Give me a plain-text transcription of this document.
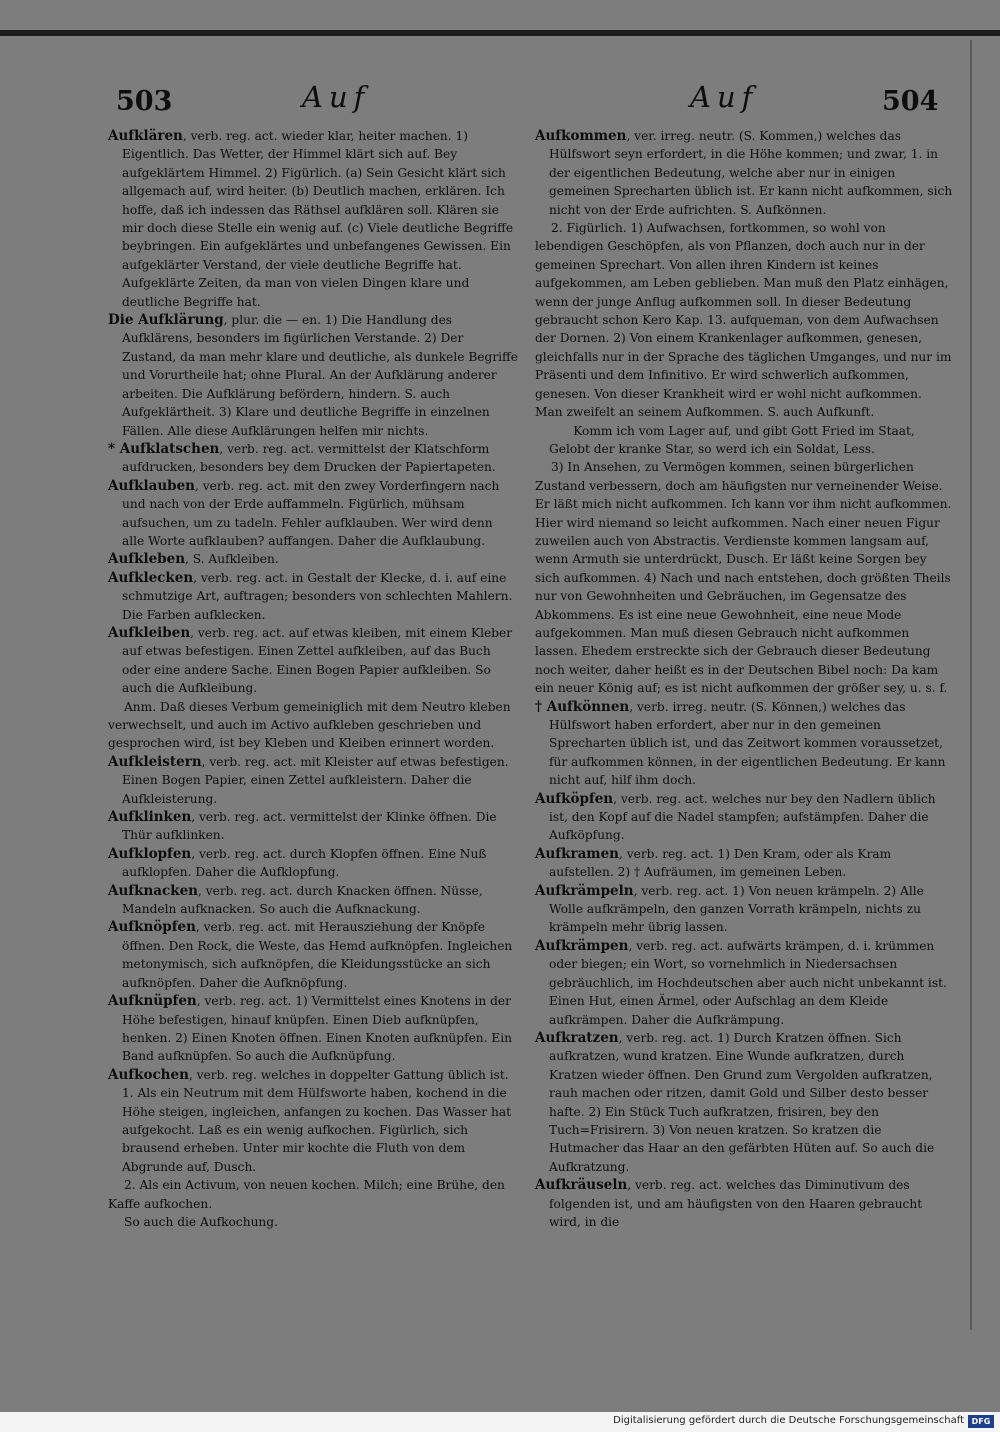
503	Auf	Auf	504

Aufklären, verb. reg. act. wieder klar, heiter machen. 1) Eigentlich. Das Wetter, der Himmel klärt sich auf. Bey aufgeklärtem Himmel. 2) Figürlich. (a) Sein Gesicht klärt sich allgemach auf, wird heiter. (b) Deutlich machen, erklären. Ich hoffe, daß ich indessen das Räthsel aufklären soll. Klären sie mir doch diese Stelle ein wenig auf. (c) Viele deutliche Begriffe beybringen. Ein aufgeklärtes und unbefangenes Gewissen. Ein aufgeklärter Verstand, der viele deutliche Begriffe hat. Aufgeklärte Zeiten, da man von vielen Dingen klare und deutliche Begriffe hat.

Die Aufklärung, plur. die — en. 1) Die Handlung des Aufklärens, besonders im figürlichen Verstande. 2) Der Zustand, da man mehr klare und deutliche, als dunkele Begriffe und Vorurtheile hat; ohne Plural. An der Aufklärung anderer arbeiten. Die Aufklärung befördern, hindern. S. auch Aufgeklärtheit. 3) Klare und deutliche Begriffe in einzelnen Fällen. Alle diese Aufklärungen helfen mir nichts.

* Aufklatschen, verb. reg. act. vermittelst der Klatschform aufdrucken, besonders bey dem Drucken der Papiertapeten.

Aufklauben, verb. reg. act. mit den zwey Vorderfingern nach und nach von der Erde auffammeln. Figürlich, mühsam aufsuchen, um zu tadeln. Fehler aufklauben. Wer wird denn alle Worte aufklauben? auffangen. Daher die Aufklaubung.

Aufkleben, S. Aufkleiben.

Aufklecken, verb. reg. act. in Gestalt der Klecke, d. i. auf eine schmutzige Art, auftragen; besonders von schlechten Mahlern. Die Farben aufklecken.

Aufkleiben, verb. reg. act. auf etwas kleiben, mit einem Kleber auf etwas befestigen. Einen Zettel aufkleiben, auf das Buch oder eine andere Sache. Einen Bogen Papier aufkleiben. So auch die Aufkleibung.

Anm. Daß dieses Verbum gemeiniglich mit dem Neutro kleben verwechselt, und auch im Activo aufkleben geschrieben und gesprochen wird, ist bey Kleben und Kleiben erinnert worden.

Aufkleistern, verb. reg. act. mit Kleister auf etwas befestigen. Einen Bogen Papier, einen Zettel aufkleistern. Daher die Aufkleisterung.

Aufklinken, verb. reg. act. vermittelst der Klinke öffnen. Die Thür aufklinken.

Aufklopfen, verb. reg. act. durch Klopfen öffnen. Eine Nuß aufklopfen. Daher die Aufklopfung.

Aufknacken, verb. reg. act. durch Knacken öffnen. Nüsse, Mandeln aufknacken. So auch die Aufknackung.

Aufknöpfen, verb. reg. act. mit Herausziehung der Knöpfe öffnen. Den Rock, die Weste, das Hemd aufknöpfen. Ingleichen metonymisch, sich aufknöpfen, die Kleidungsstücke an sich aufknöpfen. Daher die Aufknöpfung.

Aufknüpfen, verb. reg. act. 1) Vermittelst eines Knotens in der Höhe befestigen, hinauf knüpfen. Einen Dieb aufknüpfen, henken. 2) Einen Knoten öffnen. Einen Knoten aufknüpfen. Ein Band aufknüpfen. So auch die Aufknüpfung.

Aufkochen, verb. reg. welches in doppelter Gattung üblich ist. 1. Als ein Neutrum mit dem Hülfsworte haben, kochend in die Höhe steigen, ingleichen, anfangen zu kochen. Das Wasser hat aufgekocht. Laß es ein wenig aufkochen. Figürlich, sich brausend erheben. Unter mir kochte die Fluth von dem Abgrunde auf, Dusch.

2. Als ein Activum, von neuen kochen. Milch; eine Brühe, den Kaffe aufkochen.

So auch die Aufkochung.

Aufkommen, ver. irreg. neutr. (S. Kommen,) welches das Hülfswort seyn erfordert, in die Höhe kommen; und zwar, 1. in der eigentlichen Bedeutung, welche aber nur in einigen gemeinen Sprecharten üblich ist. Er kann nicht aufkommen, sich nicht von der Erde aufrichten. S. Aufkönnen.

2. Figürlich. 1) Aufwachsen, fortkommen, so wohl von lebendigen Geschöpfen, als von Pflanzen, doch auch nur in der gemeinen Sprechart. Von allen ihren Kindern ist keines aufgekommen, am Leben geblieben. Man muß den Platz einhägen, wenn der junge Anflug aufkommen soll. In dieser Bedeutung gebraucht schon Kero Kap. 13. aufqueman, von dem Aufwachsen der Dornen. 2) Von einem Krankenlager aufkommen, genesen, gleichfalls nur in der Sprache des täglichen Umganges, und nur im Präsenti und dem Infinitivo. Er wird schwerlich aufkommen, genesen. Von dieser Krankheit wird er wohl nicht aufkommen. Man zweifelt an seinem Aufkommen. S. auch Aufkunft.

Komm ich vom Lager auf, und gibt Gott Fried im Staat,

Gelobt der kranke Star, so werd ich ein Soldat, Less.

3) In Ansehen, zu Vermögen kommen, seinen bürgerlichen Zustand verbessern, doch am häufigsten nur verneinender Weise. Er läßt mich nicht aufkommen. Ich kann vor ihm nicht aufkommen. Hier wird niemand so leicht aufkommen. Nach einer neuen Figur zuweilen auch von Abstractis. Verdienste kommen langsam auf, wenn Armuth sie unterdrückt, Dusch. Er läßt keine Sorgen bey sich aufkommen. 4) Nach und nach entstehen, doch größten Theils nur von Gewohnheiten und Gebräuchen, im Gegensatze des Abkommens. Es ist eine neue Gewohnheit, eine neue Mode aufgekommen. Man muß diesen Gebrauch nicht aufkommen lassen. Ehedem erstreckte sich der Gebrauch dieser Bedeutung noch weiter, daher heißt es in der Deutschen Bibel noch: Da kam ein neuer König auf; es ist nicht aufkommen der größer sey, u. s. f.

† Aufkönnen, verb. irreg. neutr. (S. Können,) welches das Hülfswort haben erfordert, aber nur in den gemeinen Sprecharten üblich ist, und das Zeitwort kommen voraussetzet, für aufkommen können, in der eigentlichen Bedeutung. Er kann nicht auf, hilf ihm doch.

Aufköpfen, verb. reg. act. welches nur bey den Nadlern üblich ist, den Kopf auf die Nadel stampfen; aufstämpfen. Daher die Aufköpfung.

Aufkramen, verb. reg. act. 1) Den Kram, oder als Kram aufstellen. 2) † Aufräumen, im gemeinen Leben.

Aufkrämpeln, verb. reg. act. 1) Von neuen krämpeln. 2) Alle Wolle aufkrämpeln, den ganzen Vorrath krämpeln, nichts zu krämpeln mehr übrig lassen.

Aufkrämpen, verb. reg. act. aufwärts krämpen, d. i. krümmen oder biegen; ein Wort, so vornehmlich in Niedersachsen gebräuchlich, im Hochdeutschen aber auch nicht unbekannt ist. Einen Hut, einen Ärmel, oder Aufschlag an dem Kleide aufkrämpen. Daher die Aufkrämpung.

Aufkratzen, verb. reg. act. 1) Durch Kratzen öffnen. Sich aufkratzen, wund kratzen. Eine Wunde aufkratzen, durch Kratzen wieder öffnen. Den Grund zum Vergolden aufkratzen, rauh machen oder ritzen, damit Gold und Silber desto besser hafte. 2) Ein Stück Tuch aufkratzen, frisiren, bey den Tuch=Frisirern. 3) Von neuen kratzen. So kratzen die Hutmacher das Haar an den gefärbten Hüten auf. So auch die Aufkratzung.

Aufkräuseln, verb. reg. act. welches das Diminutivum des folgenden ist, und am häufigsten von den Haaren gebraucht wird, in die

Digitalisierung gefördert durch die Deutsche Forschungsgemeinschaft DFG
